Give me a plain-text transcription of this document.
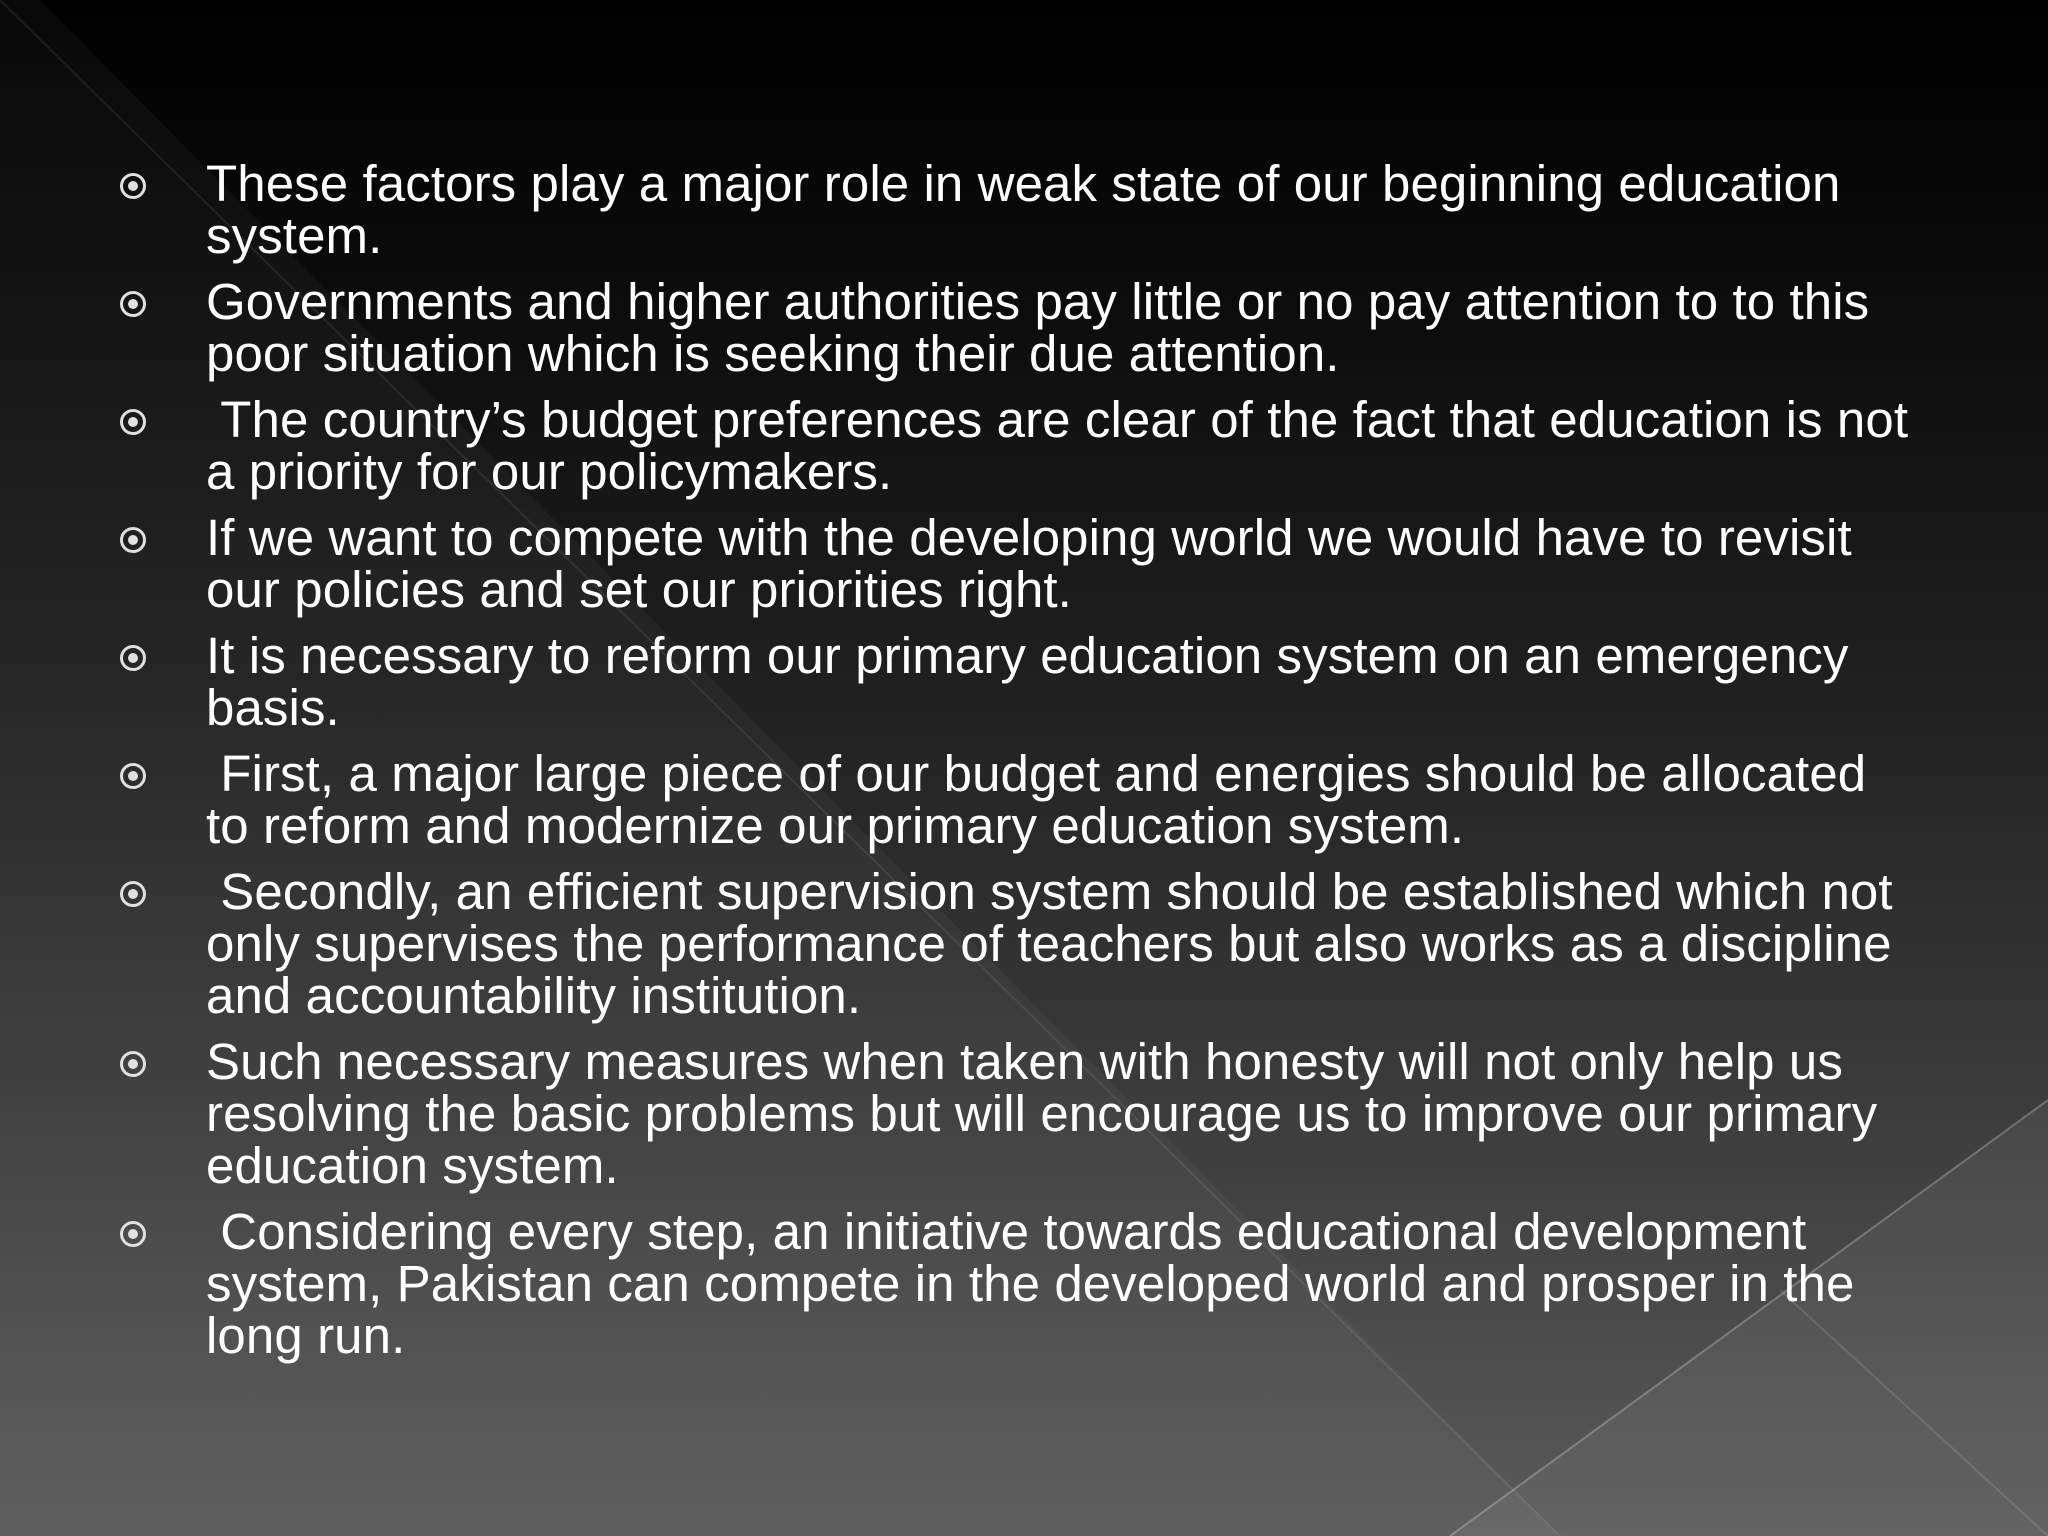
These factors play a major role in weak state of our beginning education system.
Governments and higher authorities pay little or no pay attention to to this poor situation which is seeking their due attention.
The country’s budget preferences are clear of the fact that education is not a priority for our policymakers.
If we want to compete with the developing world we would have to revisit our policies and set our priorities right.
It is necessary to reform our primary education system on an emergency basis.
First, a major large piece of our budget and energies should be allocated to reform and modernize our primary education system.
Secondly, an efficient supervision system should be established which not only supervises the performance of teachers but also works as a discipline and accountability institution.
Such necessary measures when taken with honesty will not only help us resolving the basic problems but will encourage us to improve our primary education system.
Considering every step, an initiative towards educational development system, Pakistan can compete in the developed world and prosper in the long run.
